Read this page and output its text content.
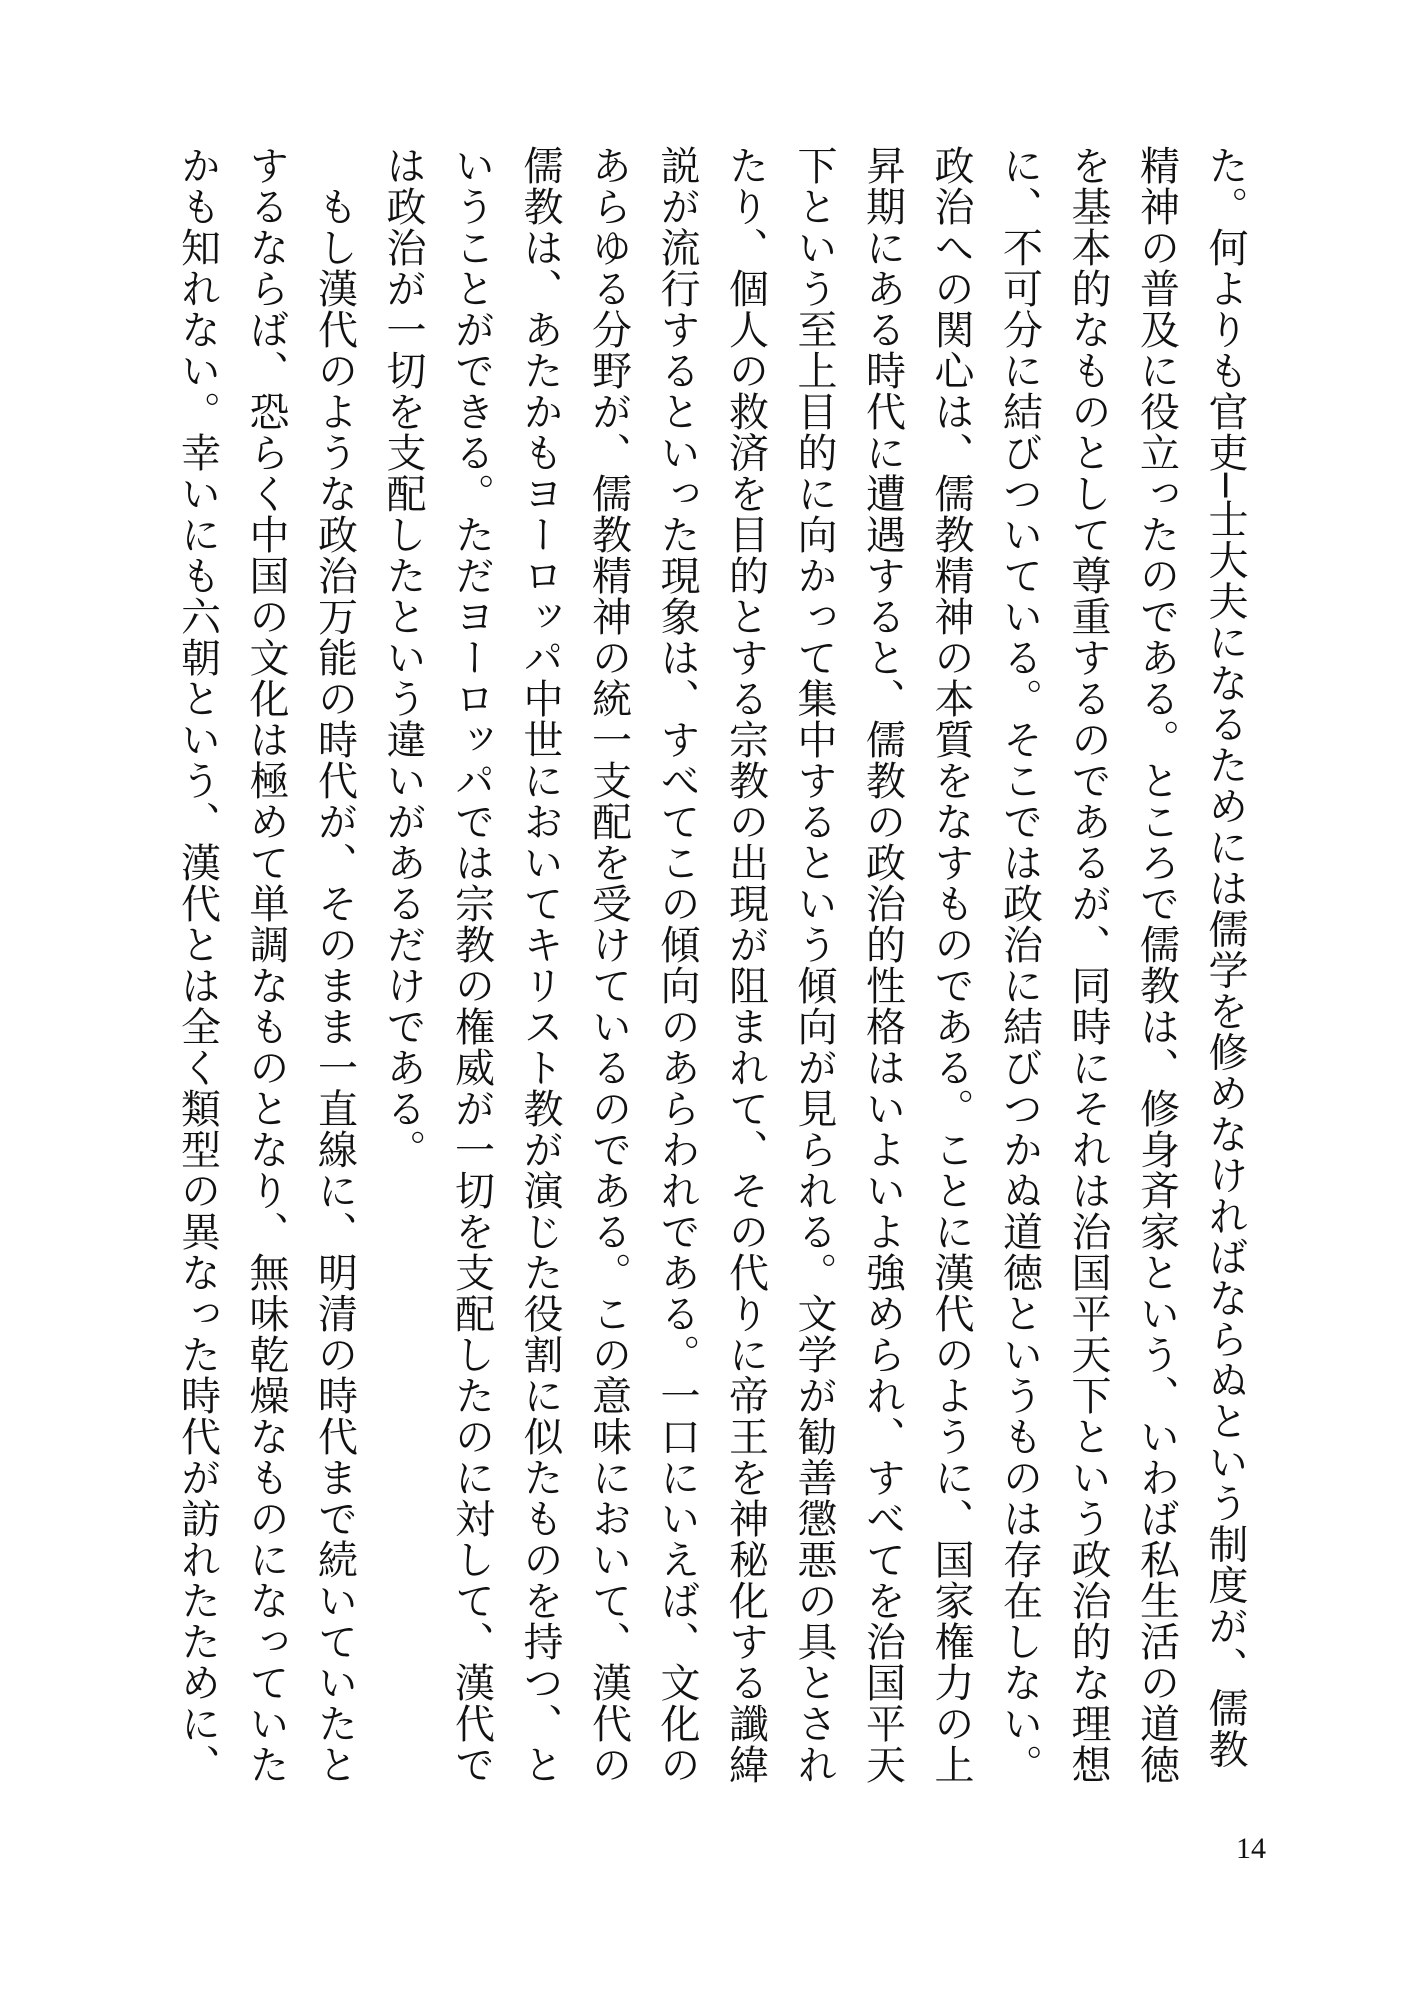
た。何よりも官吏─士大夫になるためには儒学を修めなければならぬという制度が、儒教
精神の普及に役立ったのである。ところで儒教は、修身斉家という、いわば私生活の道徳
を基本的なものとして尊重するのであるが、同時にそれは治国平天下という政治的な理想
に、不可分に結びついている。そこでは政治に結びつかぬ道徳というものは存在しない。
政治への関心は、儒教精神の本質をなすものである。ことに漢代のように、国家権力の上
昇期にある時代に遭遇すると、儒教の政治的性格はいよいよ強められ、すべてを治国平天
下という至上目的に向かって集中するという傾向が見られる。文学が勧善懲悪の具とされ
たり、個人の救済を目的とする宗教の出現が阻まれて、その代りに帝王を神秘化する讖緯
説が流行するといった現象は、すべてこの傾向のあらわれである。一口にいえば、文化の
あらゆる分野が、儒教精神の統一支配を受けているのである。この意味において、漢代の
儒教は、あたかもヨーロッパ中世においてキリスト教が演じた役割に似たものを持つ、と
いうことができる。ただヨーロッパでは宗教の権威が一切を支配したのに対して、漢代で
は政治が一切を支配したという違いがあるだけである。
　もし漢代のような政治万能の時代が、そのまま一直線に、明清の時代まで続いていたと
するならば、恐らく中国の文化は極めて単調なものとなり、無味乾燥なものになっていた
かも知れない。幸いにも六朝という、漢代とは全く類型の異なった時代が訪れたために、
14
